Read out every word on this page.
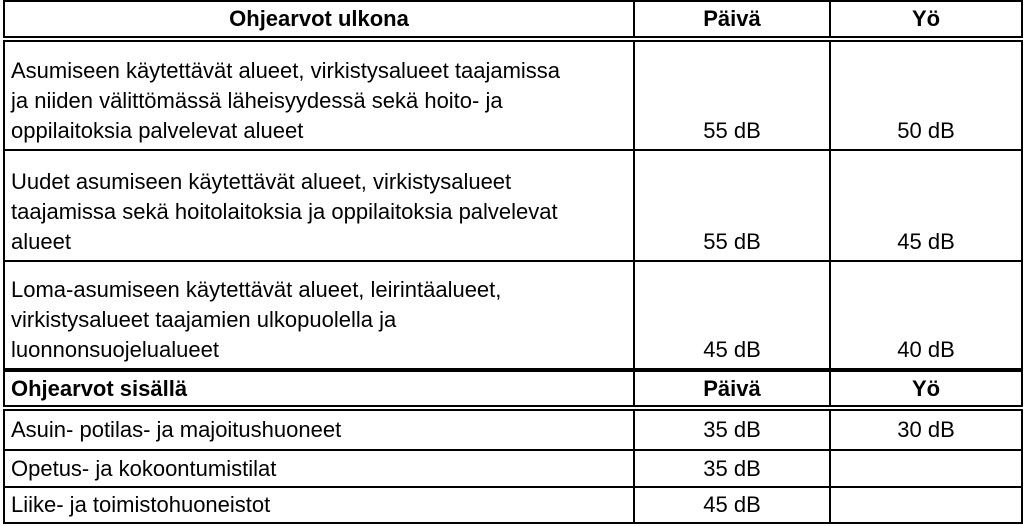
Ohjearvot ulkona	Päivä	Yö

Asumiseen käytettävät alueet, virkistysalueet taajamissa
ja niiden välittömässä läheisyydessä sekä hoito- ja
oppilaitoksia palvelevat alueet	55 dB	50 dB

Uudet asumiseen käytettävät alueet, virkistysalueet
taajamissa sekä hoitolaitoksia ja oppilaitoksia palvelevat
alueet	55 dB	45 dB

Loma-asumiseen käytettävät alueet, leirintäalueet,
virkistysalueet taajamien ulkopuolella ja
luonnonsuojelualueet	45 dB	40 dB
Ohjearvot sisällä	Päivä	Yö
Asuin- potilas- ja majoitushuoneet	35 dB	30 dB
Opetus- ja kokoontumistilat	35 dB	
Liike- ja toimistohuoneistot	45 dB	
